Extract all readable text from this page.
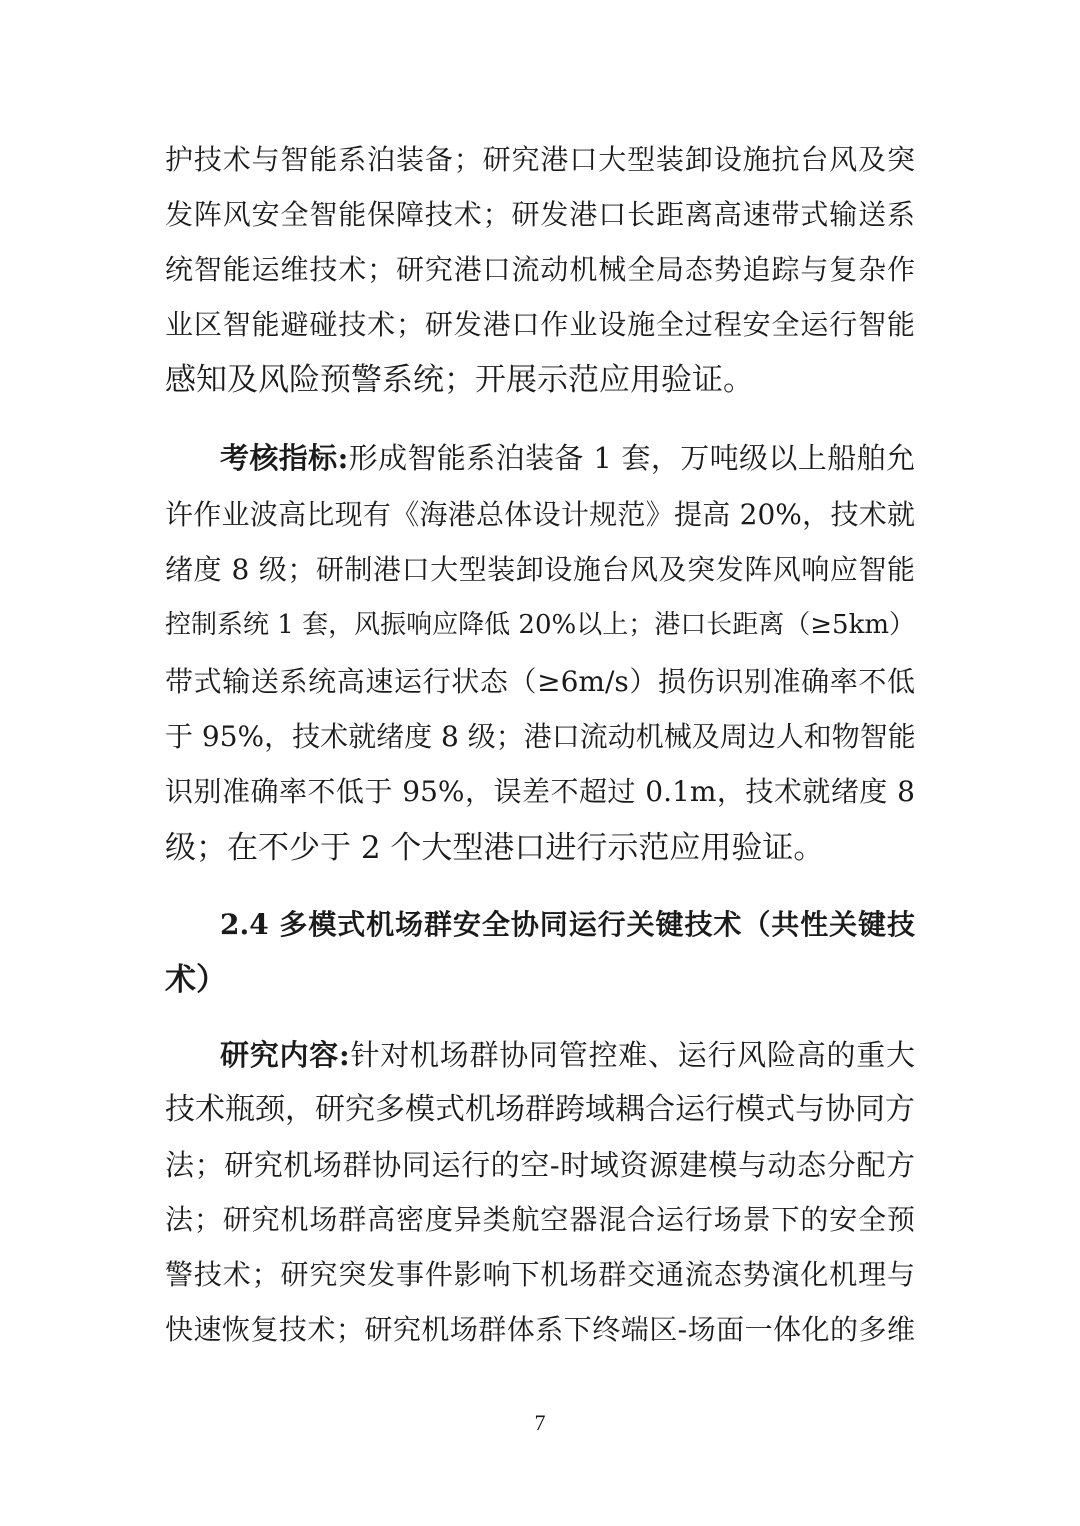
护技术与智能系泊装备；研究港口大型装卸设施抗台风及突
发阵风安全智能保障技术；研发港口长距离高速带式输送系
统智能运维技术；研究港口流动机械全局态势追踪与复杂作
业区智能避碰技术；研发港口作业设施全过程安全运行智能
感知及风险预警系统；开展示范应用验证。
考核指标:形成智能系泊装备 1 套，万吨级以上船舶允
许作业波高比现有《海港总体设计规范》提高 20%，技术就
绪度 8 级；研制港口大型装卸设施台风及突发阵风响应智能
控制系统 1 套，风振响应降低 20%以上；港口长距离（≥5km）
带式输送系统高速运行状态（≥6m/s）损伤识别准确率不低
于 95%，技术就绪度 8 级；港口流动机械及周边人和物智能
识别准确率不低于 95%，误差不超过 0.1m，技术就绪度 8
级；在不少于 2 个大型港口进行示范应用验证。
2.4 多模式机场群安全协同运行关键技术（共性关键技
术）
研究内容:针对机场群协同管控难、运行风险高的重大
技术瓶颈，研究多模式机场群跨域耦合运行模式与协同方
法；研究机场群协同运行的空-时域资源建模与动态分配方
法；研究机场群高密度异类航空器混合运行场景下的安全预
警技术；研究突发事件影响下机场群交通流态势演化机理与
快速恢复技术；研究机场群体系下终端区-场面一体化的多维
7
